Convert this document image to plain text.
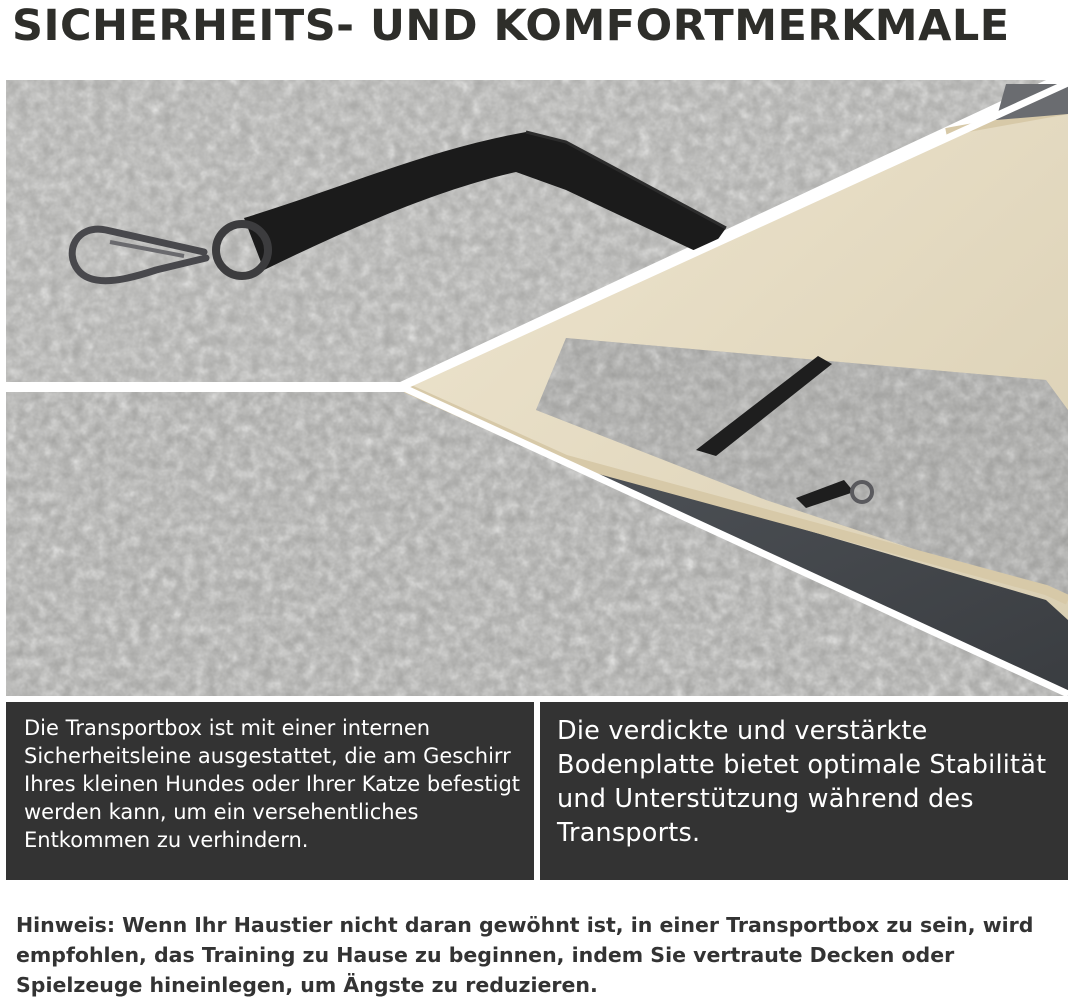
SICHERHEITS- UND KOMFORTMERKMALE
Die Transportbox ist mit einer internen Sicherheitsleine ausgestattet, die am Geschirr Ihres kleinen Hundes oder Ihrer Katze befestigt werden kann, um ein versehentliches Entkommen zu verhindern.
Die verdickte und verstärkte Bodenplatte bietet optimale Stabilität und Unterstützung während des Transports.

Hinweis: Wenn Ihr Haustier nicht daran gewöhnt ist, in einer Transportbox zu sein, wird empfohlen, das Training zu Hause zu beginnen, indem Sie vertraute Decken oder Spielzeuge hineinlegen, um Ängste zu reduzieren.
